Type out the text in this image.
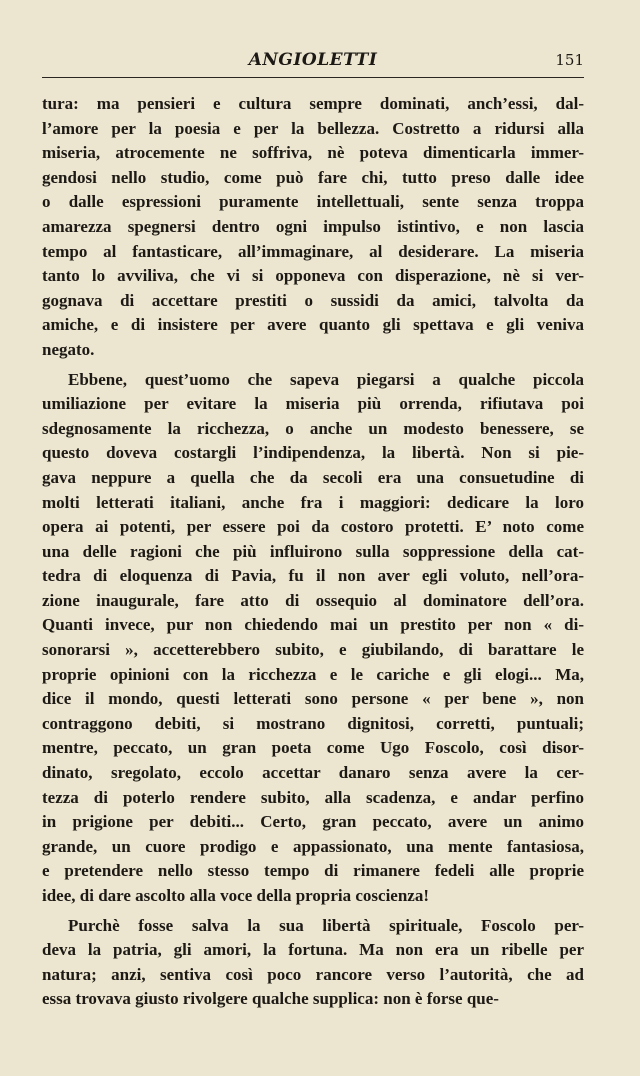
ANGIOLETTI	151
tura: ma pensieri e cultura sempre dominati, anch’essi, dal-
l’amore per la poesia e per la bellezza. Costretto a ridursi alla
miseria, atrocemente ne soffriva, nè poteva dimenticarla immer-
gendosi nello studio, come può fare chi, tutto preso dalle idee
o dalle espressioni puramente intellettuali, sente senza troppa
amarezza spegnersi dentro ogni impulso istintivo, e non lascia
tempo al fantasticare, all’immaginare, al desiderare. La miseria
tanto lo avviliva, che vi si opponeva con disperazione, nè si ver-
gognava di accettare prestiti o sussidi da amici, talvolta da
amiche, e di insistere per avere quanto gli spettava e gli veniva
negato.
Ebbene, quest’uomo che sapeva piegarsi a qualche piccola
umiliazione per evitare la miseria più orrenda, rifiutava poi
sdegnosamente la ricchezza, o anche un modesto benessere, se
questo doveva costargli l’indipendenza, la libertà. Non si pie-
gava neppure a quella che da secoli era una consuetudine di
molti letterati italiani, anche fra i maggiori: dedicare la loro
opera ai potenti, per essere poi da costoro protetti. E’ noto come
una delle ragioni che più influirono sulla soppressione della cat-
tedra di eloquenza di Pavia, fu il non aver egli voluto, nell’ora-
zione inaugurale, fare atto di ossequio al dominatore dell’ora.
Quanti invece, pur non chiedendo mai un prestito per non « di-
sonorarsi », accetterebbero subito, e giubilando, di barattare le
proprie opinioni con la ricchezza e le cariche e gli elogi... Ma,
dice il mondo, questi letterati sono persone « per bene », non
contraggono debiti, si mostrano dignitosi, corretti, puntuali;
mentre, peccato, un gran poeta come Ugo Foscolo, così disor-
dinato, sregolato, eccolo accettar danaro senza avere la cer-
tezza di poterlo rendere subito, alla scadenza, e andar perfino
in prigione per debiti... Certo, gran peccato, avere un animo
grande, un cuore prodigo e appassionato, una mente fantasiosa,
e pretendere nello stesso tempo di rimanere fedeli alle proprie
idee, di dare ascolto alla voce della propria coscienza!
Purchè fosse salva la sua libertà spirituale, Foscolo per-
deva la patria, gli amori, la fortuna. Ma non era un ribelle per
natura; anzi, sentiva così poco rancore verso l’autorità, che ad
essa trovava giusto rivolgere qualche supplica: non è forse que-
